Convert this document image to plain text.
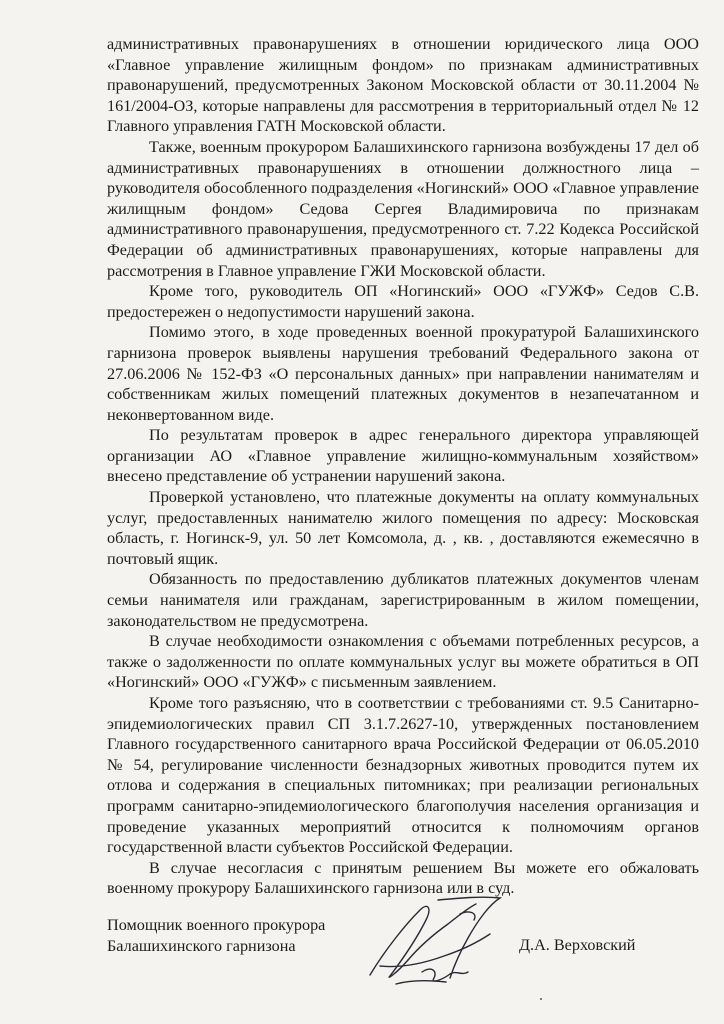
административных правонарушениях в отношении юридического лица ООО «Главное управление жилищным фондом» по признакам административных правонарушений, предусмотренных Законом Московской области от 30.11.2004 № 161/2004-ОЗ, которые направлены для рассмотрения в территориальный отдел № 12 Главного управления ГАТН Московской области.

Также, военным прокурором Балашихинского гарнизона возбуждены 17 дел об административных правонарушениях в отношении должностного лица – руководителя обособленного подразделения «Ногинский» ООО «Главное управление жилищным фондом» Седова Сергея Владимировича по признакам административного правонарушения, предусмотренного ст. 7.22 Кодекса Российской Федерации об административных правонарушениях, которые направлены для рассмотрения в Главное управление ГЖИ Московской области.

Кроме того, руководитель ОП «Ногинский» ООО «ГУЖФ» Седов С.В. предостережен о недопустимости нарушений закона.

Помимо этого, в ходе проведенных военной прокуратурой Балашихинского гарнизона проверок выявлены нарушения требований Федерального закона от 27.06.2006 № 152-ФЗ «О персональных данных» при направлении нанимателям и собственникам жилых помещений платежных документов в незапечатанном и неконвертованном виде.

По результатам проверок в адрес генерального директора управляющей организации АО «Главное управление жилищно-коммунальным хозяйством» внесено представление об устранении нарушений закона.

Проверкой установлено, что платежные документы на оплату коммунальных услуг, предоставленных нанимателю жилого помещения по адресу: Московская область, г. Ногинск-9, ул. 50 лет Комсомола, д. , кв. , доставляются ежемесячно в почтовый ящик.

Обязанность по предоставлению дубликатов платежных документов членам семьи нанимателя или гражданам, зарегистрированным в жилом помещении, законодательством не предусмотрена.

В случае необходимости ознакомления с объемами потребленных ресурсов, а также о задолженности по оплате коммунальных услуг вы можете обратиться в ОП «Ногинский» ООО «ГУЖФ» с письменным заявлением.

Кроме того разъясняю, что в соответствии с требованиями ст. 9.5 Санитарно-эпидемиологических правил СП 3.1.7.2627-10, утвержденных постановлением Главного государственного санитарного врача Российской Федерации от 06.05.2010 № 54, регулирование численности безнадзорных животных проводится путем их отлова и содержания в специальных питомниках; при реализации региональных программ санитарно-эпидемиологического благополучия населения организация и проведение указанных мероприятий относится к полномочиям органов государственной власти субъектов Российской Федерации.

В случае несогласия с принятым решением Вы можете его обжаловать военному прокурору Балашихинского гарнизона или в суд.

Помощник военного прокурора
Балашихинского гарнизона	Д.А. Верховский
